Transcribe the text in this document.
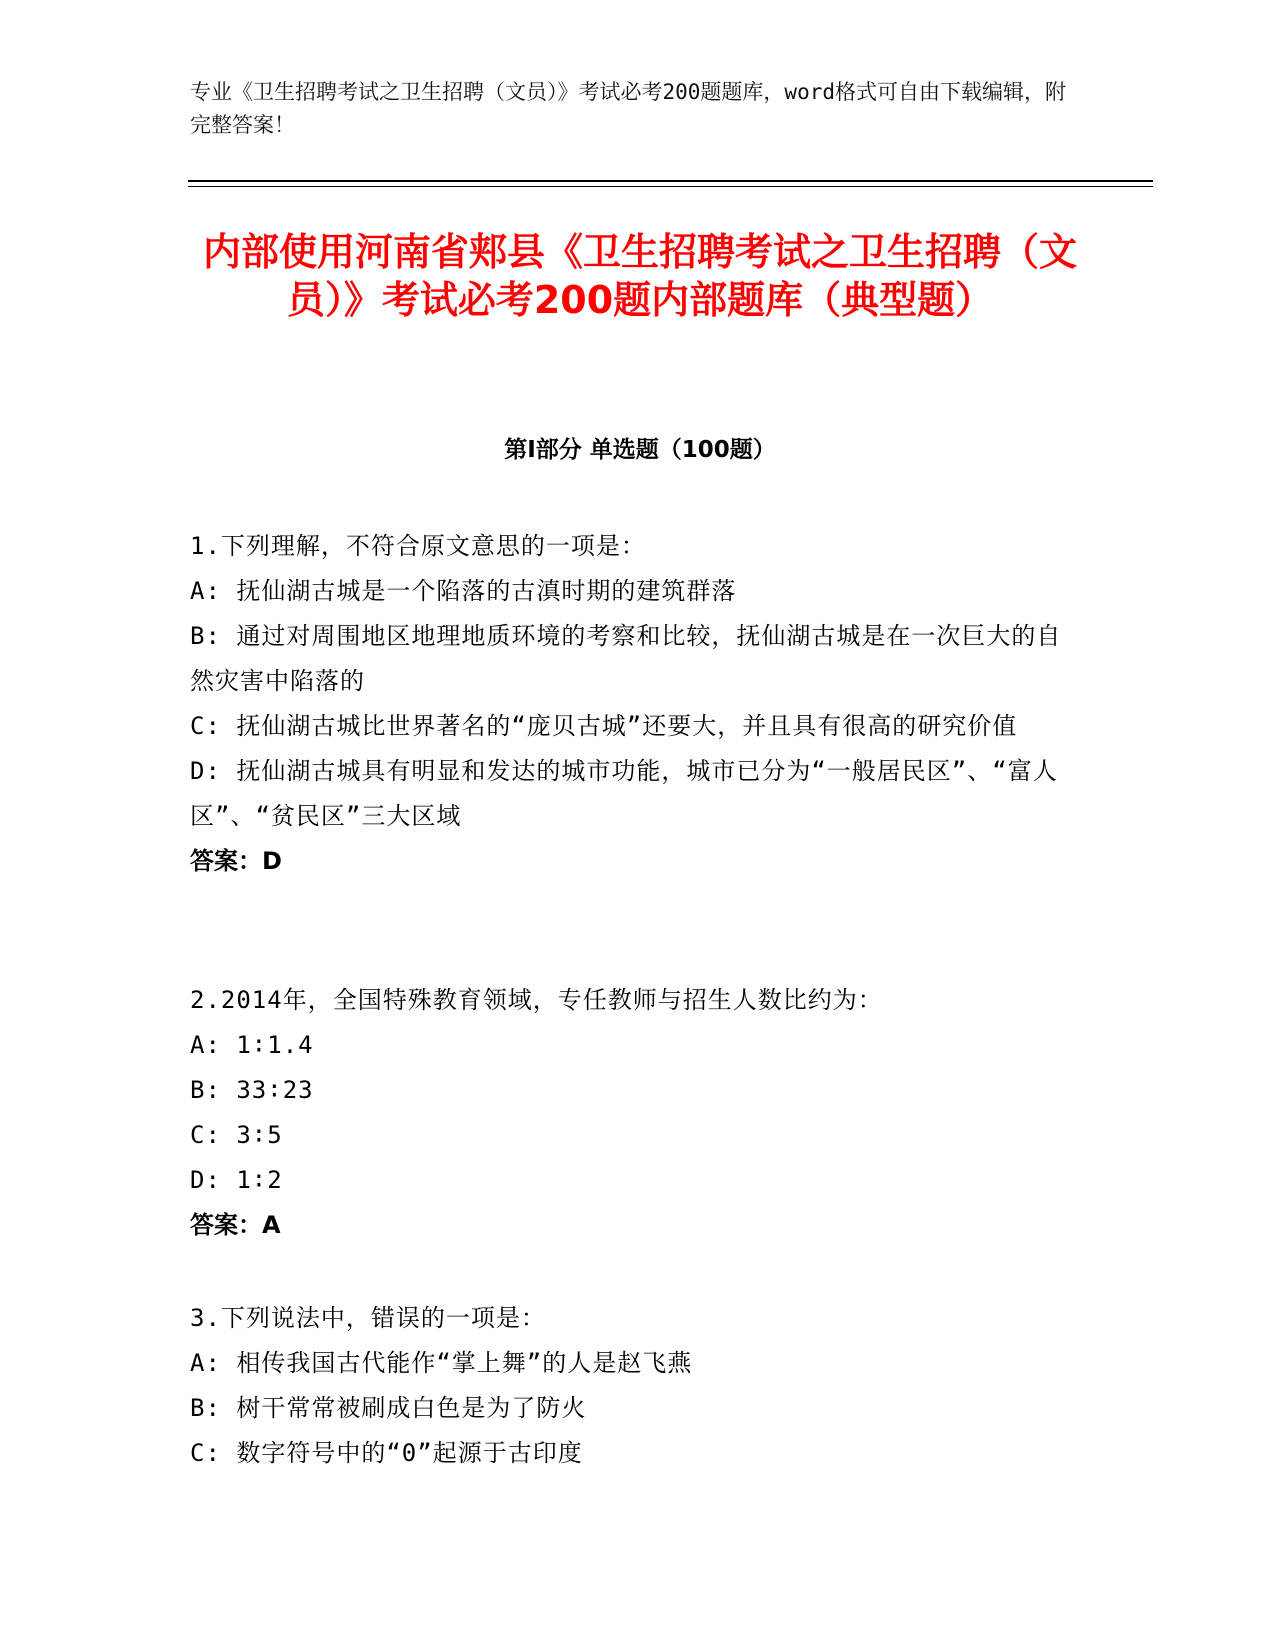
专业《卫生招聘考试之卫生招聘（文员）》考试必考200题题库，word格式可自由下载编辑，附完整答案！

内部使用河南省郏县《卫生招聘考试之卫生招聘（文员）》考试必考200题内部题库（典型题）
第Ⅰ部分 单选题（100题）

1.下列理解，不符合原文意思的一项是：

A: 抚仙湖古城是一个陷落的古滇时期的建筑群落

B: 通过对周围地区地理地质环境的考察和比较，抚仙湖古城是在一次巨大的自然灾害中陷落的

C: 抚仙湖古城比世界著名的“庞贝古城”还要大，并且具有很高的研究价值

D: 抚仙湖古城具有明显和发达的城市功能，城市已分为“一般居民区”、“富人区”、“贫民区”三大区域

答案：D

2.2014年，全国特殊教育领域，专任教师与招生人数比约为：

A: 1∶1.4

B: 33∶23

C: 3∶5

D: 1∶2

答案：A

3.下列说法中，错误的一项是：

A: 相传我国古代能作“掌上舞”的人是赵飞燕

B: 树干常常被刷成白色是为了防火

C: 数字符号中的“0”起源于古印度
